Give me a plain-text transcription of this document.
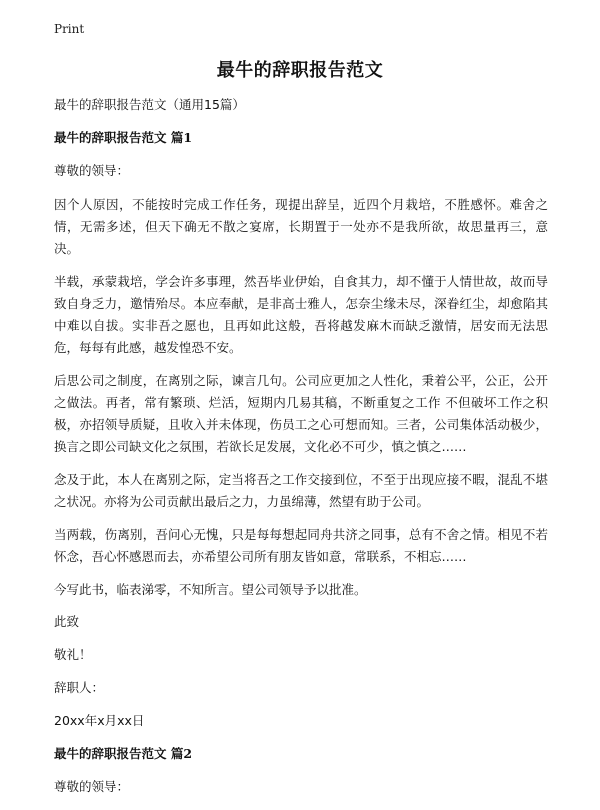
Print
最牛的辞职报告范文
最牛的辞职报告范文（通用15篇）
最牛的辞职报告范文 篇1
尊敬的领导：

因个人原因，不能按时完成工作任务，现提出辞呈，近四个月栽培，不胜感怀。难舍之情，无需多述，但天下确无不散之宴席，长期置于一处亦不是我所欲，故思量再三，意决。

半载，承蒙栽培，学会许多事理，然吾毕业伊始，自食其力，却不懂于人情世故，故而导致自身乏力，邀情殆尽。本应奉献，是非高士雅人，怎奈尘缘未尽，深眷红尘，却愈陷其中难以自拔。实非吾之愿也，且再如此这般，吾将越发麻木而缺乏激情，居安而无法思危，每每有此感，越发惶恐不安。

后思公司之制度，在离别之际，谏言几句。公司应更加之人性化，秉着公平，公正，公开之做法。再者，常有繁琐、烂活，短期内几易其稿，不断重复之工作 不但破坏工作之积极，亦招领导质疑，且收入并未体现，伤员工之心可想而知。三者，公司集体活动极少，换言之即公司缺文化之氛围，若欲长足发展，文化必不可少，慎之慎之……

念及于此，本人在离别之际，定当将吾之工作交接到位，不至于出现应接不暇，混乱不堪之状况。亦将为公司贡献出最后之力，力虽绵薄，然望有助于公司。

当两载，伤离别，吾问心无愧，只是每每想起同舟共济之同事，总有不舍之情。相见不若怀念，吾心怀感恩而去，亦希望公司所有朋友皆如意，常联系，不相忘……

今写此书，临表涕零，不知所言。望公司领导予以批准。

此致
敬礼！
辞职人：
20xx年x月xx日
最牛的辞职报告范文 篇2
尊敬的领导：
